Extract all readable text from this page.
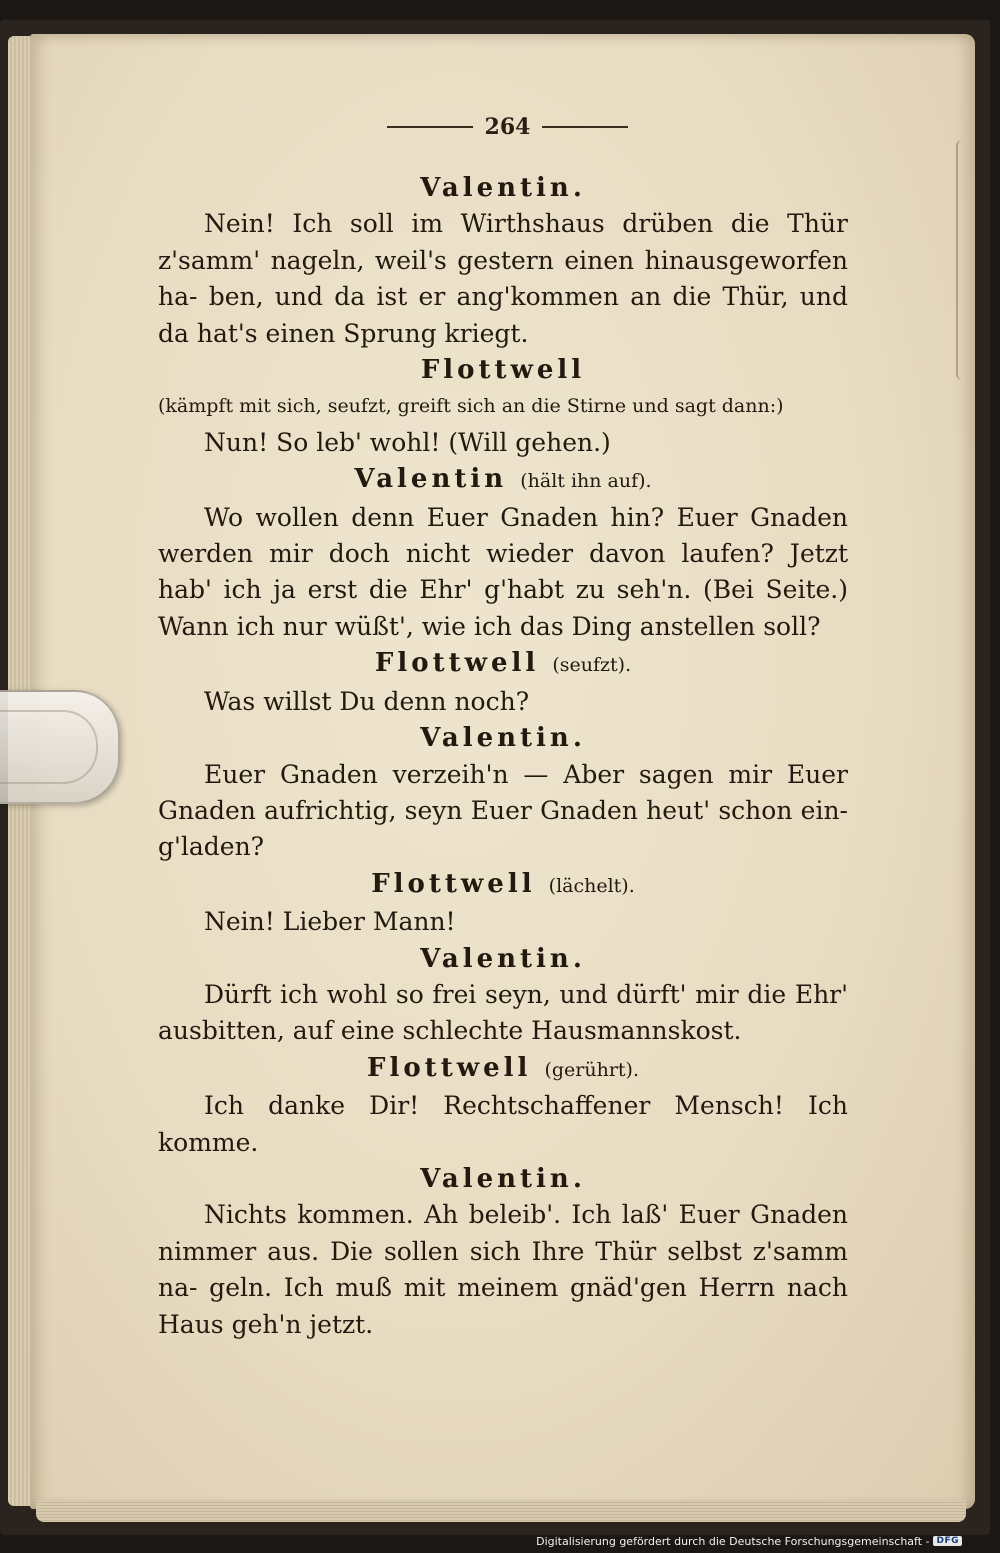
264
Valentin.
Nein! Ich soll im Wirthshaus drüben die Thür z'samm' nageln, weil's gestern einen hinausgeworfen ha- ben, und da ist er ang'kommen an die Thür, und da hat's einen Sprung kriegt.
Flottwell
(kämpft mit sich, seufzt, greift sich an die Stirne und sagt dann:)
Nun! So leb' wohl! (Will gehen.)
Valentin (hält ihn auf).
Wo wollen denn Euer Gnaden hin? Euer Gnaden werden mir doch nicht wieder davon laufen? Jetzt hab' ich ja erst die Ehr' g'habt zu seh'n. (Bei Seite.) Wann ich nur wüßt', wie ich das Ding anstellen soll?
Flottwell (seufzt).
Was willst Du denn noch?
Valentin.
Euer Gnaden verzeih'n — Aber sagen mir Euer Gnaden aufrichtig, seyn Euer Gnaden heut' schon ein- g'laden?
Flottwell (lächelt).
Nein! Lieber Mann!
Valentin.
Dürft ich wohl so frei seyn, und dürft' mir die Ehr' ausbitten, auf eine schlechte Hausmannskost.
Flottwell (gerührt).
Ich danke Dir! Rechtschaffener Mensch! Ich komme.
Valentin.
Nichts kommen. Ah beleib'. Ich laß' Euer Gnaden nimmer aus. Die sollen sich Ihre Thür selbst z'samm na- geln. Ich muß mit meinem gnäd'gen Herrn nach Haus geh'n jetzt.
Digitalisierung gefördert durch die Deutsche Forschungsgemeinschaft - DFG
